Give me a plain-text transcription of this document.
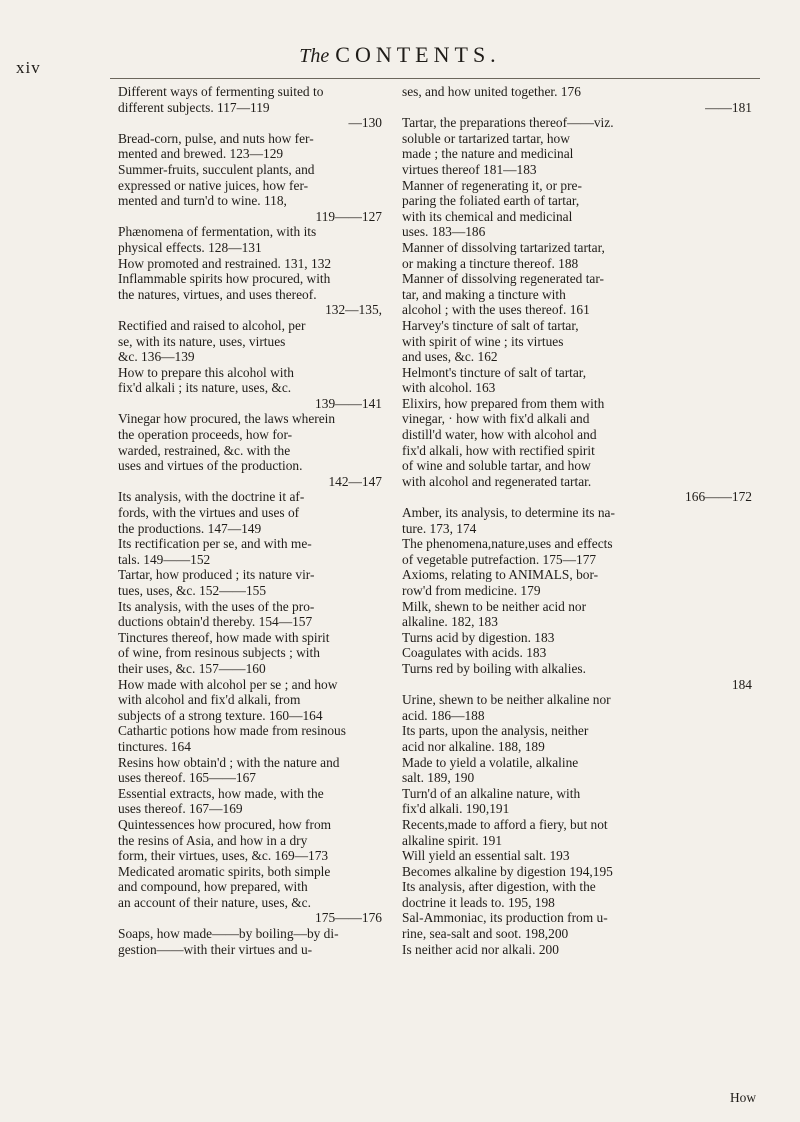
xiv
The CONTENTS.
Different ways of fermenting suited to
different subjects. 117—119
—130
Bread-corn, pulse, and nuts how fer-
mented and brewed. 123—129
Summer-fruits, succulent plants, and
expressed or native juices, how fer-
mented and turn'd to wine. 118,
119——127
Phænomena of fermentation, with its
physical effects. 128—131
How promoted and restrained. 131, 132
Inflammable spirits how procured, with
the natures, virtues, and uses thereof.
132—135,
Rectified and raised to alcohol, per
se, with its nature, uses, virtues
&c. 136—139
How to prepare this alcohol with
fix'd alkali ; its nature, uses, &c.
139——141
Vinegar how procured, the laws wherein
the operation proceeds, how for-
warded, restrained, &c. with the
uses and virtues of the production.
142—147
Its analysis, with the doctrine it af-
fords, with the virtues and uses of
the productions. 147—149
Its rectification per se, and with me-
tals. 149——152
Tartar, how produced ; its nature vir-
tues, uses, &c. 152——155
Its analysis, with the uses of the pro-
ductions obtain'd thereby. 154—157
Tinctures thereof, how made with spirit
of wine, from resinous subjects ; with
their uses, &c. 157——160
How made with alcohol per se ; and how
with alcohol and fix'd alkali, from
subjects of a strong texture. 160—164
Cathartic potions how made from resinous
tinctures. 164
Resins how obtain'd ; with the nature and
uses thereof. 165——167
Essential extracts, how made, with the
uses thereof. 167—169
Quintessences how procured, how from
the resins of Asia, and how in a dry
form, their virtues, uses, &c. 169—173
Medicated aromatic spirits, both simple
and compound, how prepared, with
an account of their nature, uses, &c.
175——176
Soaps, how made——by boiling—by di-
gestion——with their virtues and u-
ses, and how united together. 176
——181
Tartar, the preparations thereof——viz.
soluble or tartarized tartar, how
made ; the nature and medicinal
virtues thereof 181—183
Manner of regenerating it, or pre-
paring the foliated earth of tartar,
with its chemical and medicinal
uses. 183—186
Manner of dissolving tartarized tartar,
or making a tincture thereof. 188
Manner of dissolving regenerated tar-
tar, and making a tincture with
alcohol ; with the uses thereof. 161
Harvey's tincture of salt of tartar,
with spirit of wine ; its virtues
and uses, &c. 162
Helmont's tincture of salt of tartar,
with alcohol. 163
Elixirs, how prepared from them with
vinegar, · how with fix'd alkali and
distill'd water, how with alcohol and
fix'd alkali, how with rectified spirit
of wine and soluble tartar, and how
with alcohol and regenerated tartar.
166——172
Amber, its analysis, to determine its na-
ture. 173, 174
The phenomena,nature,uses and effects
of vegetable putrefaction. 175—177
Axioms, relating to ANIMALS, bor-
row'd from medicine. 179
Milk, shewn to be neither acid nor
alkaline. 182, 183
Turns acid by digestion. 183
Coagulates with acids. 183
Turns red by boiling with alkalies.
184
Urine, shewn to be neither alkaline nor
acid. 186—188
Its parts, upon the analysis, neither
acid nor alkaline. 188, 189
Made to yield a volatile, alkaline
salt. 189, 190
Turn'd of an alkaline nature, with
fix'd alkali. 190,191
Recents,made to afford a fiery, but not
alkaline spirit. 191
Will yield an essential salt. 193
Becomes alkaline by digestion 194,195
Its analysis, after digestion, with the
doctrine it leads to. 195, 198
Sal-Ammoniac, its production from u-
rine, sea-salt and soot. 198,200
Is neither acid nor alkali. 200
How
